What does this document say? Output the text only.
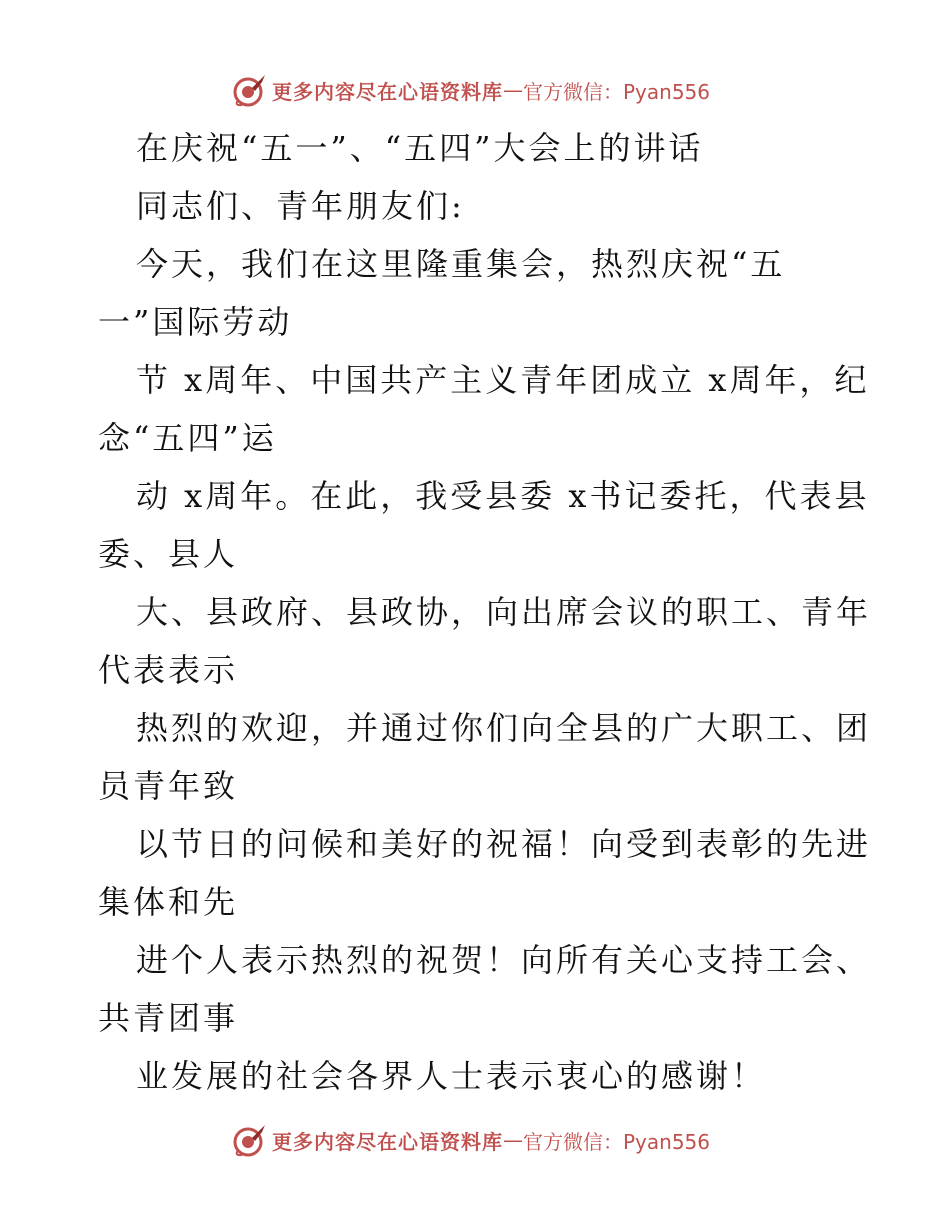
更多内容尽在心语资料库 — 官方微信：Pyan556
在庆祝“五一”、“五四”大会上的讲话
同志们、青年朋友们:
今天，我们在这里隆重集会，热烈庆祝“五
一”国际劳动
节 x周年、中国共产主义青年团成立 x周年，纪
念“五四”运
动 x周年。在此，我受县委 x书记委托，代表县
委、县人
大、县政府、县政协，向出席会议的职工、青年
代表表示
热烈的欢迎，并通过你们向全县的广大职工、团
员青年致
以节日的问候和美好的祝福！向受到表彰的先进
集体和先
进个人表示热烈的祝贺！向所有关心支持工会、
共青团事
业发展的社会各界人士表示衷心的感谢！
更多内容尽在心语资料库 — 官方微信：Pyan556
